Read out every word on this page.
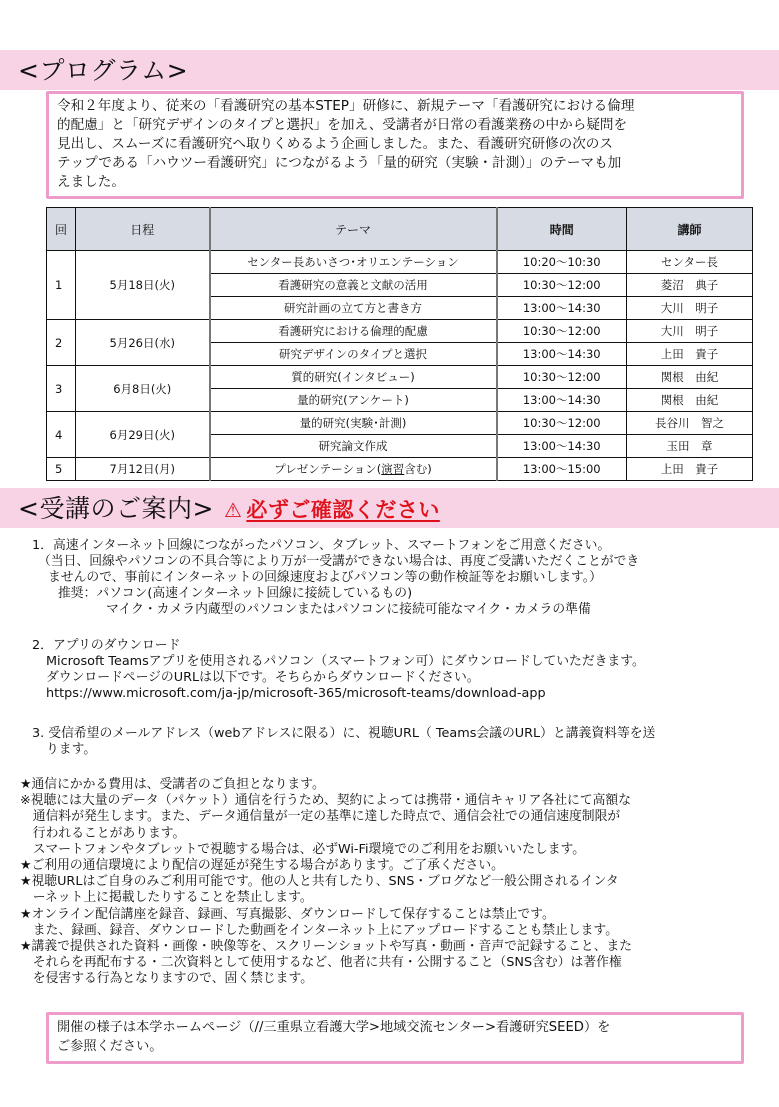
<プログラム>
令和２年度より、従来の「看護研究の基本STEP」研修に、新規テーマ「看護研究における倫理
的配慮」と「研究デザインのタイプと選択」を加え、受講者が日常の看護業務の中から疑問を
見出し、スムーズに看護研究へ取りくめるよう企画しました。また、看護研究研修の次のス
テップである「ハウツー看護研究」につながるよう「量的研究（実験・計測）」のテーマも加
えました。
回	日程	テーマ	時間	講師
1	5月18日(火)	センター長あいさつ･オリエンテーション	10:20～10:30	センター長
		看護研究の意義と文献の活用	10:30～12:00	菱沼　典子
		研究計画の立て方と書き方	13:00～14:30	大川　明子
2	5月26日(水)	看護研究における倫理的配慮	10:30～12:00	大川　明子
		研究デザインのタイプと選択	13:00～14:30	上田　貴子
3	6月8日(火)	質的研究(インタビュー)	10:30～12:00	関根　由紀
		量的研究(アンケート)	13:00～14:30	関根　由紀
4	6月29日(火)	量的研究(実験･計測)	10:30～12:00	長谷川　智之
		研究論文作成	13:00～14:30	玉田　章
5	7月12日(月)	プレゼンテーション(演習含む)	13:00～15:00	上田　貴子
<受講のご案内> ⚠ 必ずご確認ください
1．高速インターネット回線につながったパソコン、タブレット、スマートフォンをご用意ください。
（当日、回線やパソコンの不具合等により万が一受講ができない場合は、再度ご受講いただくことができ
ませんので、事前にインターネットの回線速度およびパソコン等の動作検証等をお願いします。）
推奨：パソコン(高速インターネット回線に接続しているもの)
マイク・カメラ内蔵型のパソコンまたはパソコンに接続可能なマイク・カメラの準備
2．アプリのダウンロード
Microsoft Teamsアプリを使用されるパソコン（スマートフォン可）にダウンロードしていただきます。
ダウンロードページのURLは以下です。そちらからダウンロードください。
https://www.microsoft.com/ja-jp/microsoft-365/microsoft-teams/download-app
3. 受信希望のメールアドレス（webアドレスに限る）に、視聴URL（ Teams会議のURL）と講義資料等を送
ります。
★通信にかかる費用は、受講者のご負担となります。
※視聴には大量のデータ（パケット）通信を行うため、契約によっては携帯・通信キャリア各社にて高額な
　通信料が発生します。また、データ通信量が一定の基準に達した時点で、通信会社での通信速度制限が
　行われることがあります。
　スマートフォンやタブレットで視聴する場合は、必ずWi-Fi環境でのご利用をお願いいたします。
★ご利用の通信環境により配信の遅延が発生する場合があります。ご了承ください。
★視聴URLはご自身のみご利用可能です。他の人と共有したり、SNS・ブログなど一般公開されるインタ
　ーネット上に掲載したりすることを禁止します。
★オンライン配信講座を録音、録画、写真撮影、ダウンロードして保存することは禁止です。
　また、録画、録音、ダウンロードした動画をインターネット上にアップロードすることも禁止します。
★講義で提供された資料・画像・映像等を、スクリーンショットや写真・動画・音声で記録すること、また
　それらを再配布する・二次資料として使用するなど、他者に共有・公開すること（SNS含む）は著作権
　を侵害する行為となりますので、固く禁じます。
開催の様子は本学ホームページ（//三重県立看護大学>地域交流センター>看護研究SEED）を
ご参照ください。
